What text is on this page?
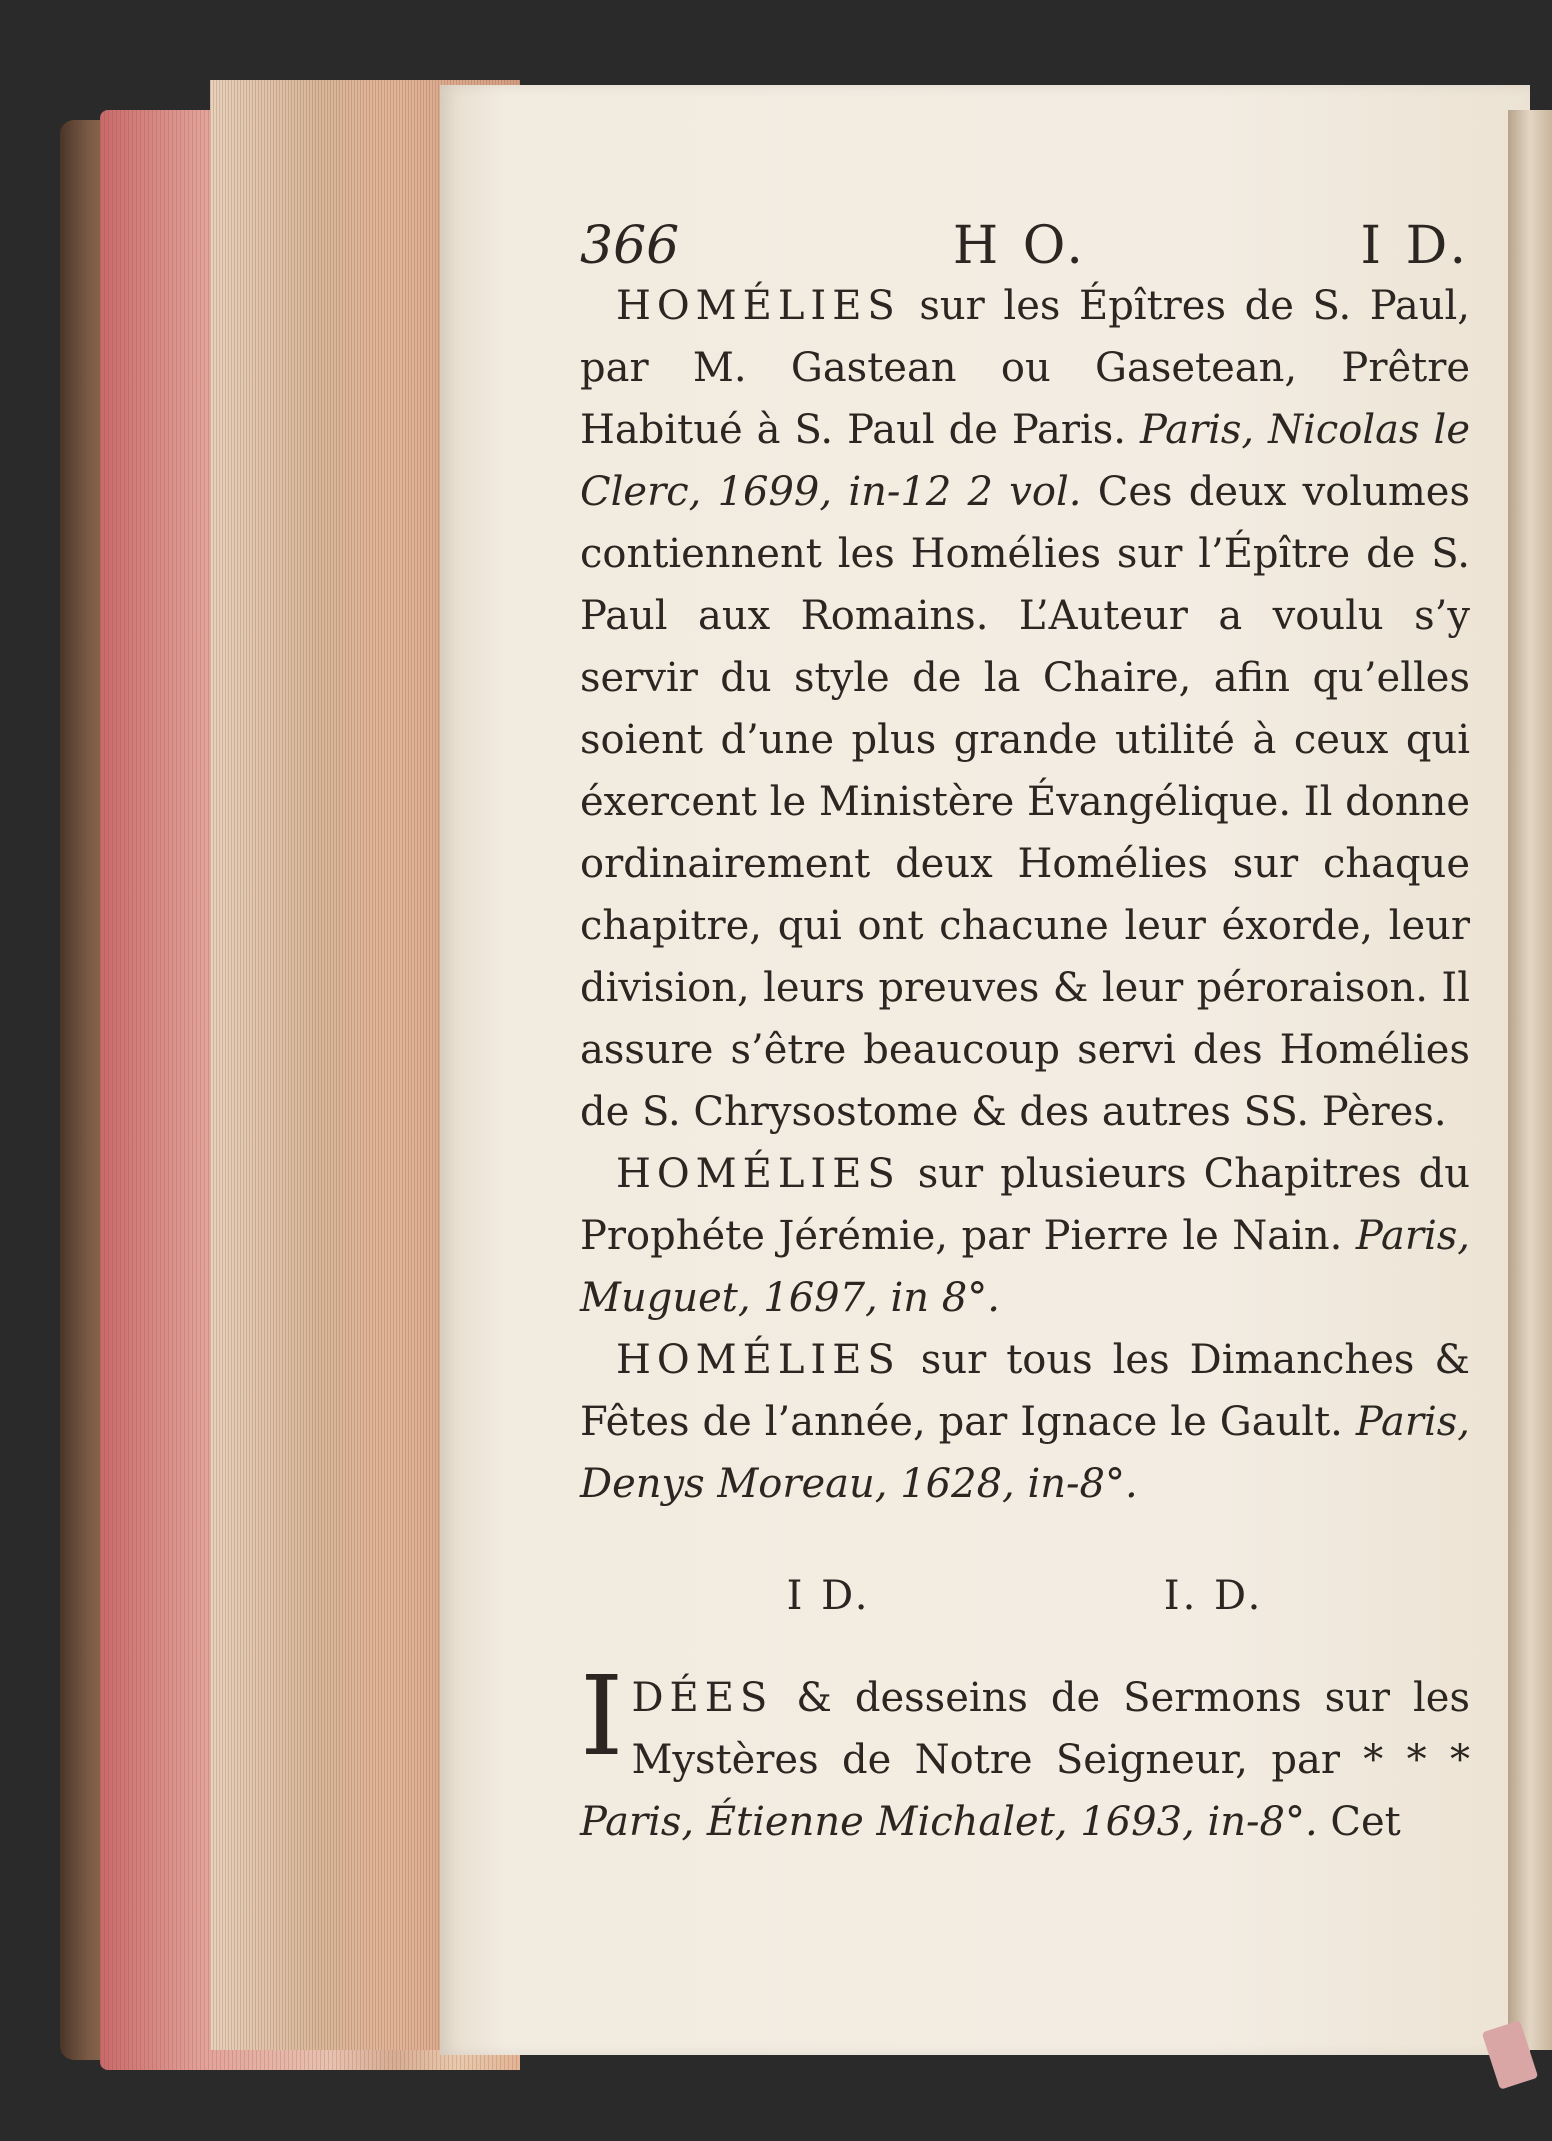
366	H O.	I D.

HOMÉLIES sur les Épîtres de S. Paul, par M. Gastean ou Gasetean, Prêtre Habitué à S. Paul de Paris. Paris, Nicolas le Clerc, 1699, in-12 2 vol. Ces deux volumes contiennent les Homélies sur l’Épître de S. Paul aux Romains. L’Auteur a voulu s’y servir du style de la Chaire, afin qu’elles soient d’une plus grande utilité à ceux qui éxercent le Ministère Évangélique. Il donne ordinairement deux Homélies sur chaque chapitre, qui ont chacune leur éxorde, leur division, leurs preuves & leur péroraison. Il assure s’être beaucoup servi des Homélies de S. Chrysostome & des autres SS. Pères.

HOMÉLIES sur plusieurs Chapitres du Prophéte Jérémie, par Pierre le Nain. Paris, Muguet, 1697, in 8°.

HOMÉLIES sur tous les Dimanches & Fêtes de l’année, par Ignace le Gault. Paris, Denys Moreau, 1628, in-8°.

I D.	I. D.

IDÉES & desseins de Sermons sur les Mystères de Notre Seigneur, par * * * Paris, Étienne Michalet, 1693, in-8°. Cet
